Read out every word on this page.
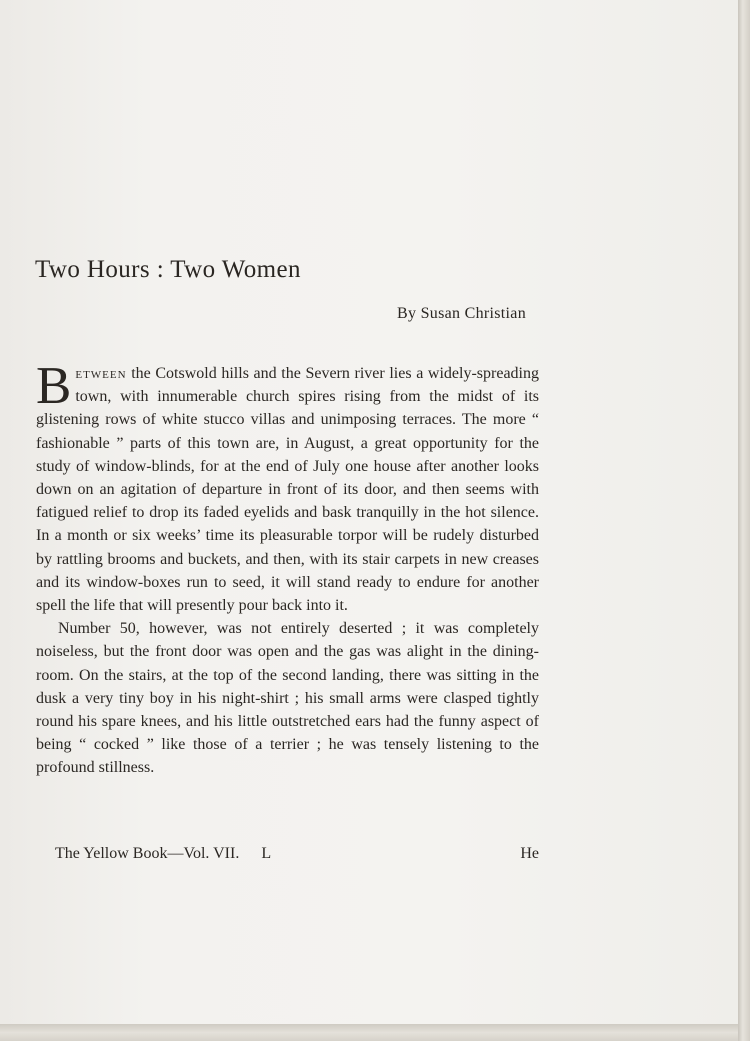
Two Hours : Two Women
By Susan Christian

Between the Cotswold hills and the Severn river lies a widely-spreading town, with innumerable church spires rising from the midst of its glistening rows of white stucco villas and unimposing terraces. The more “ fashionable ” parts of this town are, in August, a great opportunity for the study of window-blinds, for at the end of July one house after another looks down on an agitation of departure in front of its door, and then seems with fatigued relief to drop its faded eyelids and bask tranquilly in the hot silence. In a month or six weeks’ time its pleasurable torpor will be rudely disturbed by rattling brooms and buckets, and then, with its stair carpets in new creases and its window-boxes run to seed, it will stand ready to endure for another spell the life that will presently pour back into it.

Number 50, however, was not entirely deserted ; it was completely noiseless, but the front door was open and the gas was alight in the dining-room. On the stairs, at the top of the second landing, there was sitting in the dusk a very tiny boy in his night-shirt ; his small arms were clasped tightly round his spare knees, and his little outstretched ears had the funny aspect of being “ cocked ” like those of a terrier ; he was tensely listening to the profound stillness.

The Yellow Book—Vol. VII. L	He
